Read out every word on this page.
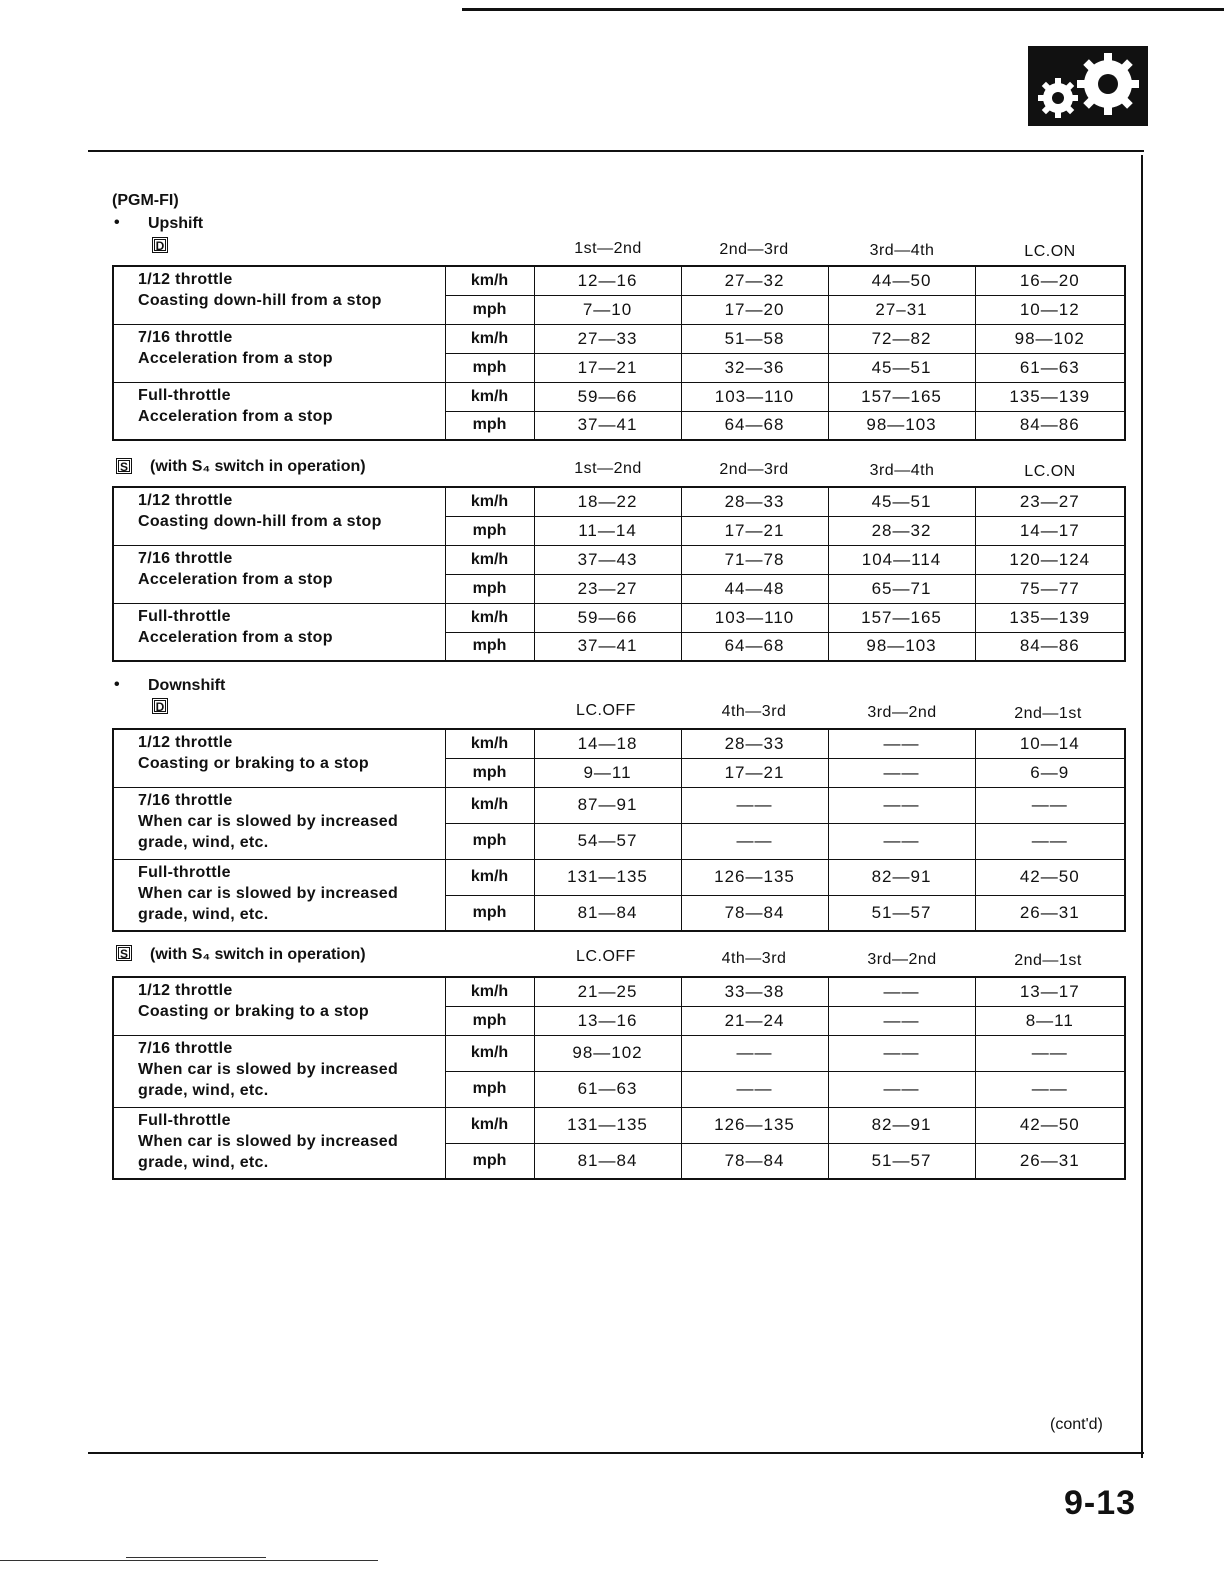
(PGM-FI)
• Upshift
D	1st—2nd	2nd—3rd	3rd—4th	LC.ON
1/12 throttle
Coasting down-hill from a stop	km/h	12—16	27—32	44—50	16—20
	mph	7—10	17—20	27–31	10—12

7/16 throttle
Acceleration from a stop	km/h	27—33	51—58	72—82	98—102
	mph	17—21	32—36	45—51	61—63

Full-throttle
Acceleration from a stop	km/h	59—66	103—110	157—165	135—139
	mph	37—41	64—68	98—103	84—86
S (with S₄ switch in operation)	1st—2nd	2nd—3rd	3rd—4th	LC.ON
1/12 throttle
Coasting down-hill from a stop	km/h	18—22	28—33	45—51	23—27
	mph	11—14	17—21	28—32	14—17

7/16 throttle
Acceleration from a stop	km/h	37—43	71—78	104—114	120—124
	mph	23—27	44—48	65—71	75—77

Full-throttle
Acceleration from a stop	km/h	59—66	103—110	157—165	135—139
	mph	37—41	64—68	98—103	84—86
• Downshift
D	LC.OFF	4th—3rd	3rd—2nd	2nd—1st
1/12 throttle
Coasting or braking to a stop	km/h	14—18	28—33	——	10—14
	mph	9—11	17—21	——	6—9

7/16 throttle
When car is slowed by increased
grade, wind, etc.	km/h	87—91	——	——	——
	mph	54—57	——	——	——

Full-throttle
When car is slowed by increased
grade, wind, etc.	km/h	131—135	126—135	82—91	42—50
	mph	81—84	78—84	51—57	26—31
S (with S₄ switch in operation)	LC.OFF	4th—3rd	3rd—2nd	2nd—1st
1/12 throttle
Coasting or braking to a stop	km/h	21—25	33—38	——	13—17
	mph	13—16	21—24	——	8—11

7/16 throttle
When car is slowed by increased
grade, wind, etc.	km/h	98—102	——	——	——
	mph	61—63	——	——	——

Full-throttle
When car is slowed by increased
grade, wind, etc.	km/h	131—135	126—135	82—91	42—50
	mph	81—84	78—84	51—57	26—31
(cont'd)
9-13
